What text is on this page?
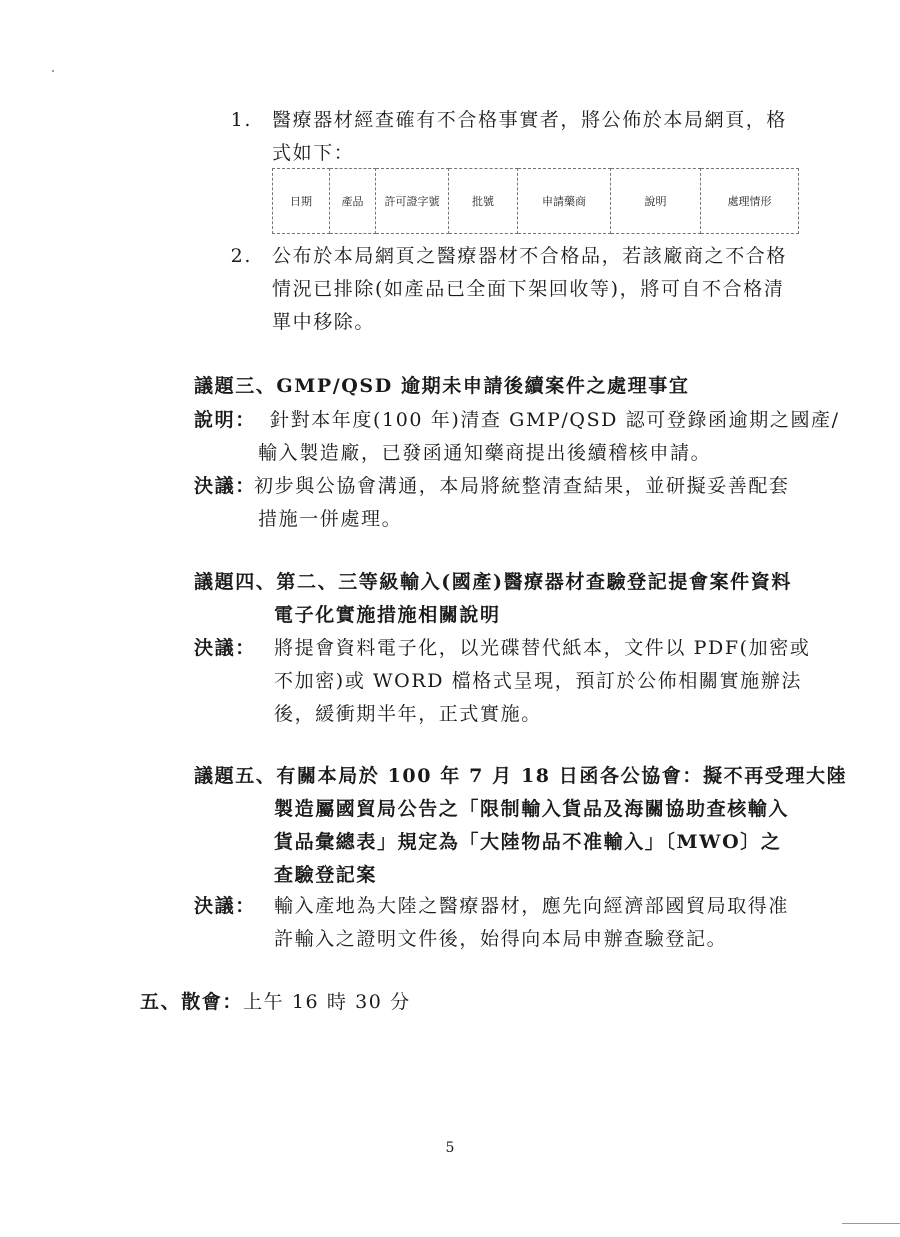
1. 醫療器材經查確有不合格事實者，將公佈於本局網頁，格
式如下：
日期	產品	許可證字號	批號	申請藥商	說明	處理情形
2. 公布於本局網頁之醫療器材不合格品，若該廠商之不合格
情況已排除(如產品已全面下架回收等)，將可自不合格清
單中移除。
議題三、GMP/QSD 逾期未申請後續案件之處理事宜
說明： 針對本年度(100 年)清查 GMP/QSD 認可登錄函逾期之國產/
輸入製造廠，已發函通知藥商提出後續稽核申請。
決議：
初步與公協會溝通，本局將統整清查結果，並研擬妥善配套
措施一併處理。
議題四、第二、三等級輸入(國產)醫療器材查驗登記提會案件資料
電子化實施措施相關說明
決議： 將提會資料電子化，以光碟替代紙本，文件以 PDF(加密或
不加密)或 WORD 檔格式呈現，預訂於公佈相關實施辦法
後，緩衝期半年，正式實施。
議題五、有關本局於 100 年 7 月 18 日函各公協會：擬不再受理大陸
製造屬國貿局公告之「限制輸入貨品及海關協助查核輸入
貨品彙總表」規定為「大陸物品不准輸入」〔MWO〕之
查驗登記案
決議： 輸入產地為大陸之醫療器材，應先向經濟部國貿局取得准
許輸入之證明文件後，始得向本局申辦查驗登記。
五、散會：上午 16 時 30 分
5
